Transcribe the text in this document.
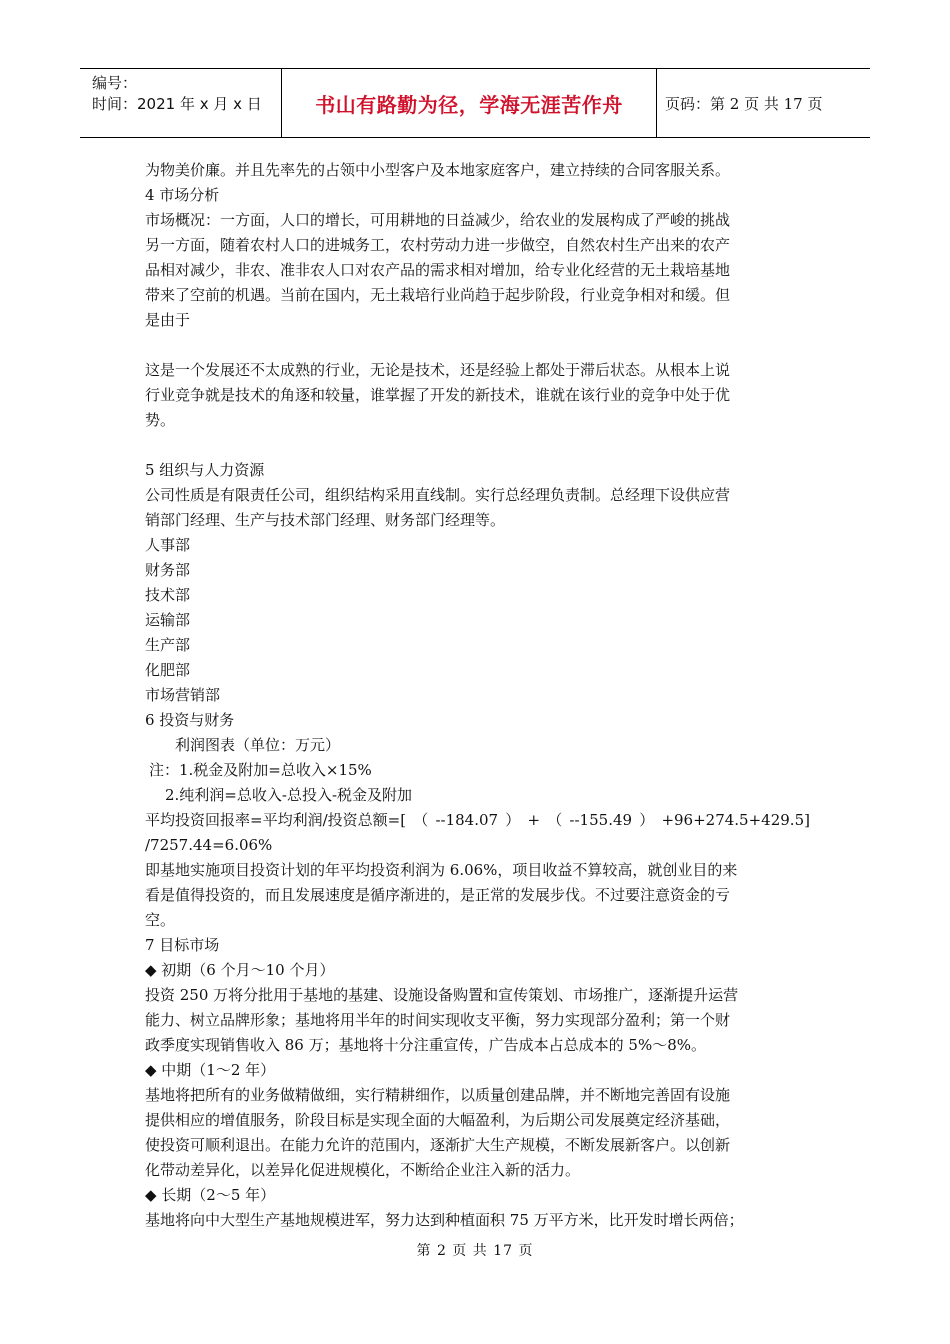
编号：
时间：2021 年 x 月 x 日	书山有路勤为径，学海无涯苦作舟	页码：第 2 页 共 17 页

为物美价廉。并且先率先的占领中小型客户及本地家庭客户，建立持续的合同客服关系。

4 市场分析

市场概况：一方面，人口的增长，可用耕地的日益减少，给农业的发展构成了严峻的挑战

另一方面，随着农村人口的进城务工，农村劳动力进一步做空，自然农村生产出来的农产

品相对减少，非农、准非农人口对农产品的需求相对增加，给专业化经营的无土栽培基地

带来了空前的机遇。当前在国内，无土栽培行业尚趋于起步阶段，行业竞争相对和缓。但

是由于

这是一个发展还不太成熟的行业，无论是技术，还是经验上都处于滞后状态。从根本上说

行业竞争就是技术的角逐和较量，谁掌握了开发的新技术，谁就在该行业的竞争中处于优

势。

5 组织与人力资源

公司性质是有限责任公司，组织结构采用直线制。实行总经理负责制。总经理下设供应营

销部门经理、生产与技术部门经理、财务部门经理等。

人事部

财务部

技术部

运输部

生产部

化肥部

市场营销部

6 投资与财务

利润图表（单位：万元）

注：1.税金及附加=总收入×15%

2.纯利润=总收入-总投入-税金及附加

平均投资回报率=平均利润/投资总额=[ （ --184.07 ） + （ --155.49 ） +96+274.5+429.5]

/7257.44=6.06%

即基地实施项目投资计划的年平均投资利润为 6.06%，项目收益不算较高，就创业目的来

看是值得投资的，而且发展速度是循序渐进的，是正常的发展步伐。不过要注意资金的亏

空。

7 目标市场

◆ 初期（6 个月～10 个月）

投资 250 万将分批用于基地的基建、设施设备购置和宣传策划、市场推广，逐渐提升运营

能力、树立品牌形象；基地将用半年的时间实现收支平衡，努力实现部分盈利；第一个财

政季度实现销售收入 86 万；基地将十分注重宣传，广告成本占总成本的 5%～8%。

◆ 中期（1～2 年）

基地将把所有的业务做精做细，实行精耕细作，以质量创建品牌，并不断地完善固有设施

提供相应的增值服务，阶段目标是实现全面的大幅盈利，为后期公司发展奠定经济基础，

使投资可顺利退出。在能力允许的范围内，逐渐扩大生产规模，不断发展新客户。以创新

化带动差异化，以差异化促进规模化，不断给企业注入新的活力。

◆ 长期（2～5 年）

基地将向中大型生产基地规模进军，努力达到种植面积 75 万平方米，比开发时增长两倍；

第 2 页 共 17 页
